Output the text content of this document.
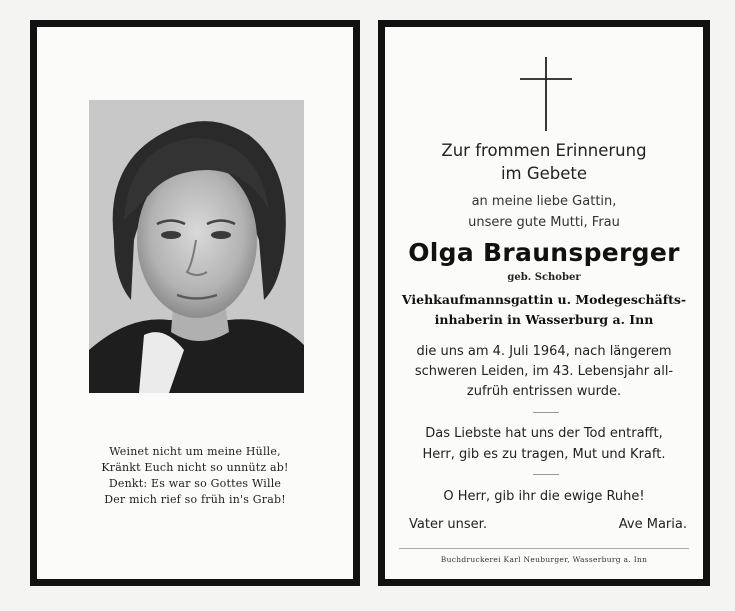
Weinet nicht um meine Hülle,
Kränkt Euch nicht so unnütz ab!
Denkt: Es war so Gottes Wille
Der mich rief so früh in's Grab!
Zur frommen Erinnerung
im Gebete
an meine liebe Gattin,
unsere gute Mutti, Frau
Olga Braunsperger
geb. Schober
Viehkaufmannsgattin u. Modegeschäfts-
inhaberin in Wasserburg a. Inn
die uns am 4. Juli 1964, nach längerem
schweren Leiden, im 43. Lebensjahr all-
zufrüh entrissen wurde.
Das Liebste hat uns der Tod entrafft,
Herr, gib es zu tragen, Mut und Kraft.
O Herr, gib ihr die ewige Ruhe!
Vater unser.	Ave Maria.
Buchdruckerei Karl Neuburger, Wasserburg a. Inn
